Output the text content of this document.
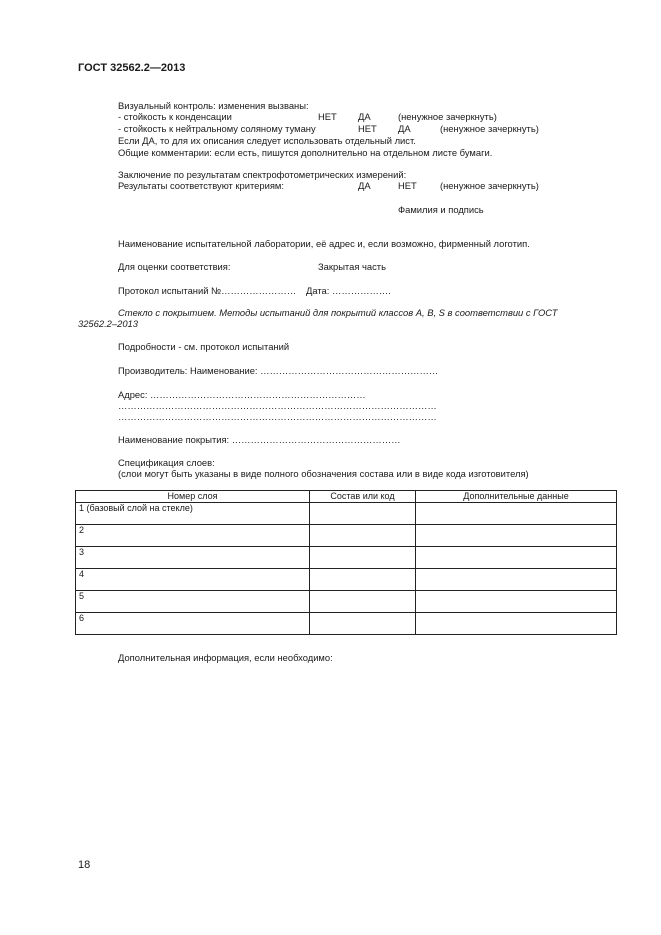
ГОСТ 32562.2—2013
Визуальный контроль: изменения вызваны:
- стойкость к конденсации	НЕТ ДА	(ненужное зачеркнуть)
- стойкость к нейтральному соляному туману	НЕТ ДА	(ненужное зачеркнуть)
Если ДА, то для их описания следует использовать отдельный лист.
Общие комментарии: если есть, пишутся дополнительно на отдельном листе бумаги.
Заключение по результатам спектрофотометрических измерений:
Результаты соответствуют критериям:	ДА	НЕТ (ненужное зачеркнуть)
Фамилия и подпись
Наименование испытательной лаборатории, её адрес и, если возможно, фирменный логотип.
Для оценки соответствия:	Закрытая часть
Протокол испытаний №…………………… Дата: ……………….
Стекло с покрытием. Методы испытаний для покрытий классов A, B, S в соответствии с ГОСТ
32562.2–2013
Подробности - см. протокол испытаний
Производитель: Наименование: …………………………………………………
Адрес: ……………………………………………………………
…………………………………………………………………………………………
…………………………………………………………………………………………
Наименование покрытия: ………………………………………………
Спецификация слоев:
(слои могут быть указаны в виде полного обозначения состава или в виде кода изготовителя)
Номер слоя	Состав или код	Дополнительные данные
1 (базовый слой на стекле)		
2		
3		
4		
5		
6		
Дополнительная информация, если необходимо:
18
